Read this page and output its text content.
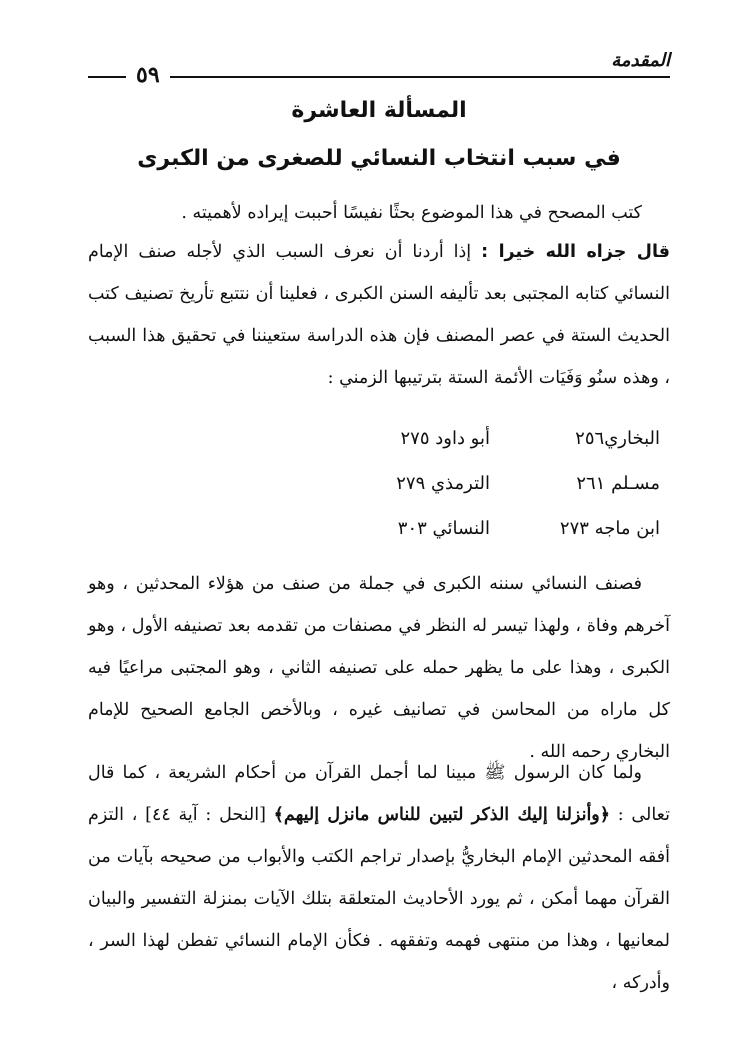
المقدمة
٥٩
المسألة العاشرة
في سبب انتخاب النسائي للصغرى من الكبرى

كتب المصحح في هذا الموضوع بحثًا نفيسًا أحببت إيراده لأهميته .

قال جزاه الله خيرا : إذا أردنا أن نعرف السبب الذي لأجله صنف الإمام النسائي كتابه المجتبى بعد تأليفه السنن الكبرى ، فعلينا أن نتتبع تأريخ تصنيف كتب الحديث الستة في عصر المصنف فإن هذه الدراسة ستعيننا في تحقيق هذا السبب ، وهذه سنُو وَفَيَات الأئمة الستة بترتيبها الزمني :

البخاري٢٥٦
أبو داود ٢٧٥
مسـلم ٢٦١
الترمذي ٢٧٩
ابن ماجه ٢٧٣
النسائي ٣٠٣

فصنف النسائي سننه الكبرى في جملة من صنف من هؤلاء المحدثين ، وهو آخرهم وفاة ، ولهذا تيسر له النظر في مصنفات من تقدمه بعد تصنيفه الأول ، وهو الكبرى ، وهذا على ما يظهر حمله على تصنيفه الثاني ، وهو المجتبى مراعيًا فيه كل ماراه من المحاسن في تصانيف غيره ، وبالأخص الجامع الصحيح للإمام البخاري رحمه الله .

ولما كان الرسول ﷺ مبينا لما أجمل القرآن من أحكام الشريعة ، كما قال تعالى : ﴿وأنزلنا إليك الذكر لتبين للناس مانزل إليهم﴾ [النحل : آية ٤٤] ، التزم أفقه المحدثين الإمام البخاريُّ بإصدار تراجم الكتب والأبواب من صحيحه بآيات من القرآن مهما أمكن ، ثم يورد الأحاديث المتعلقة بتلك الآيات بمنزلة التفسير والبيان لمعانيها ، وهذا من منتهى فهمه وتفقهه . فكأن الإمام النسائي تفطن لهذا السر ، وأدركه ،
